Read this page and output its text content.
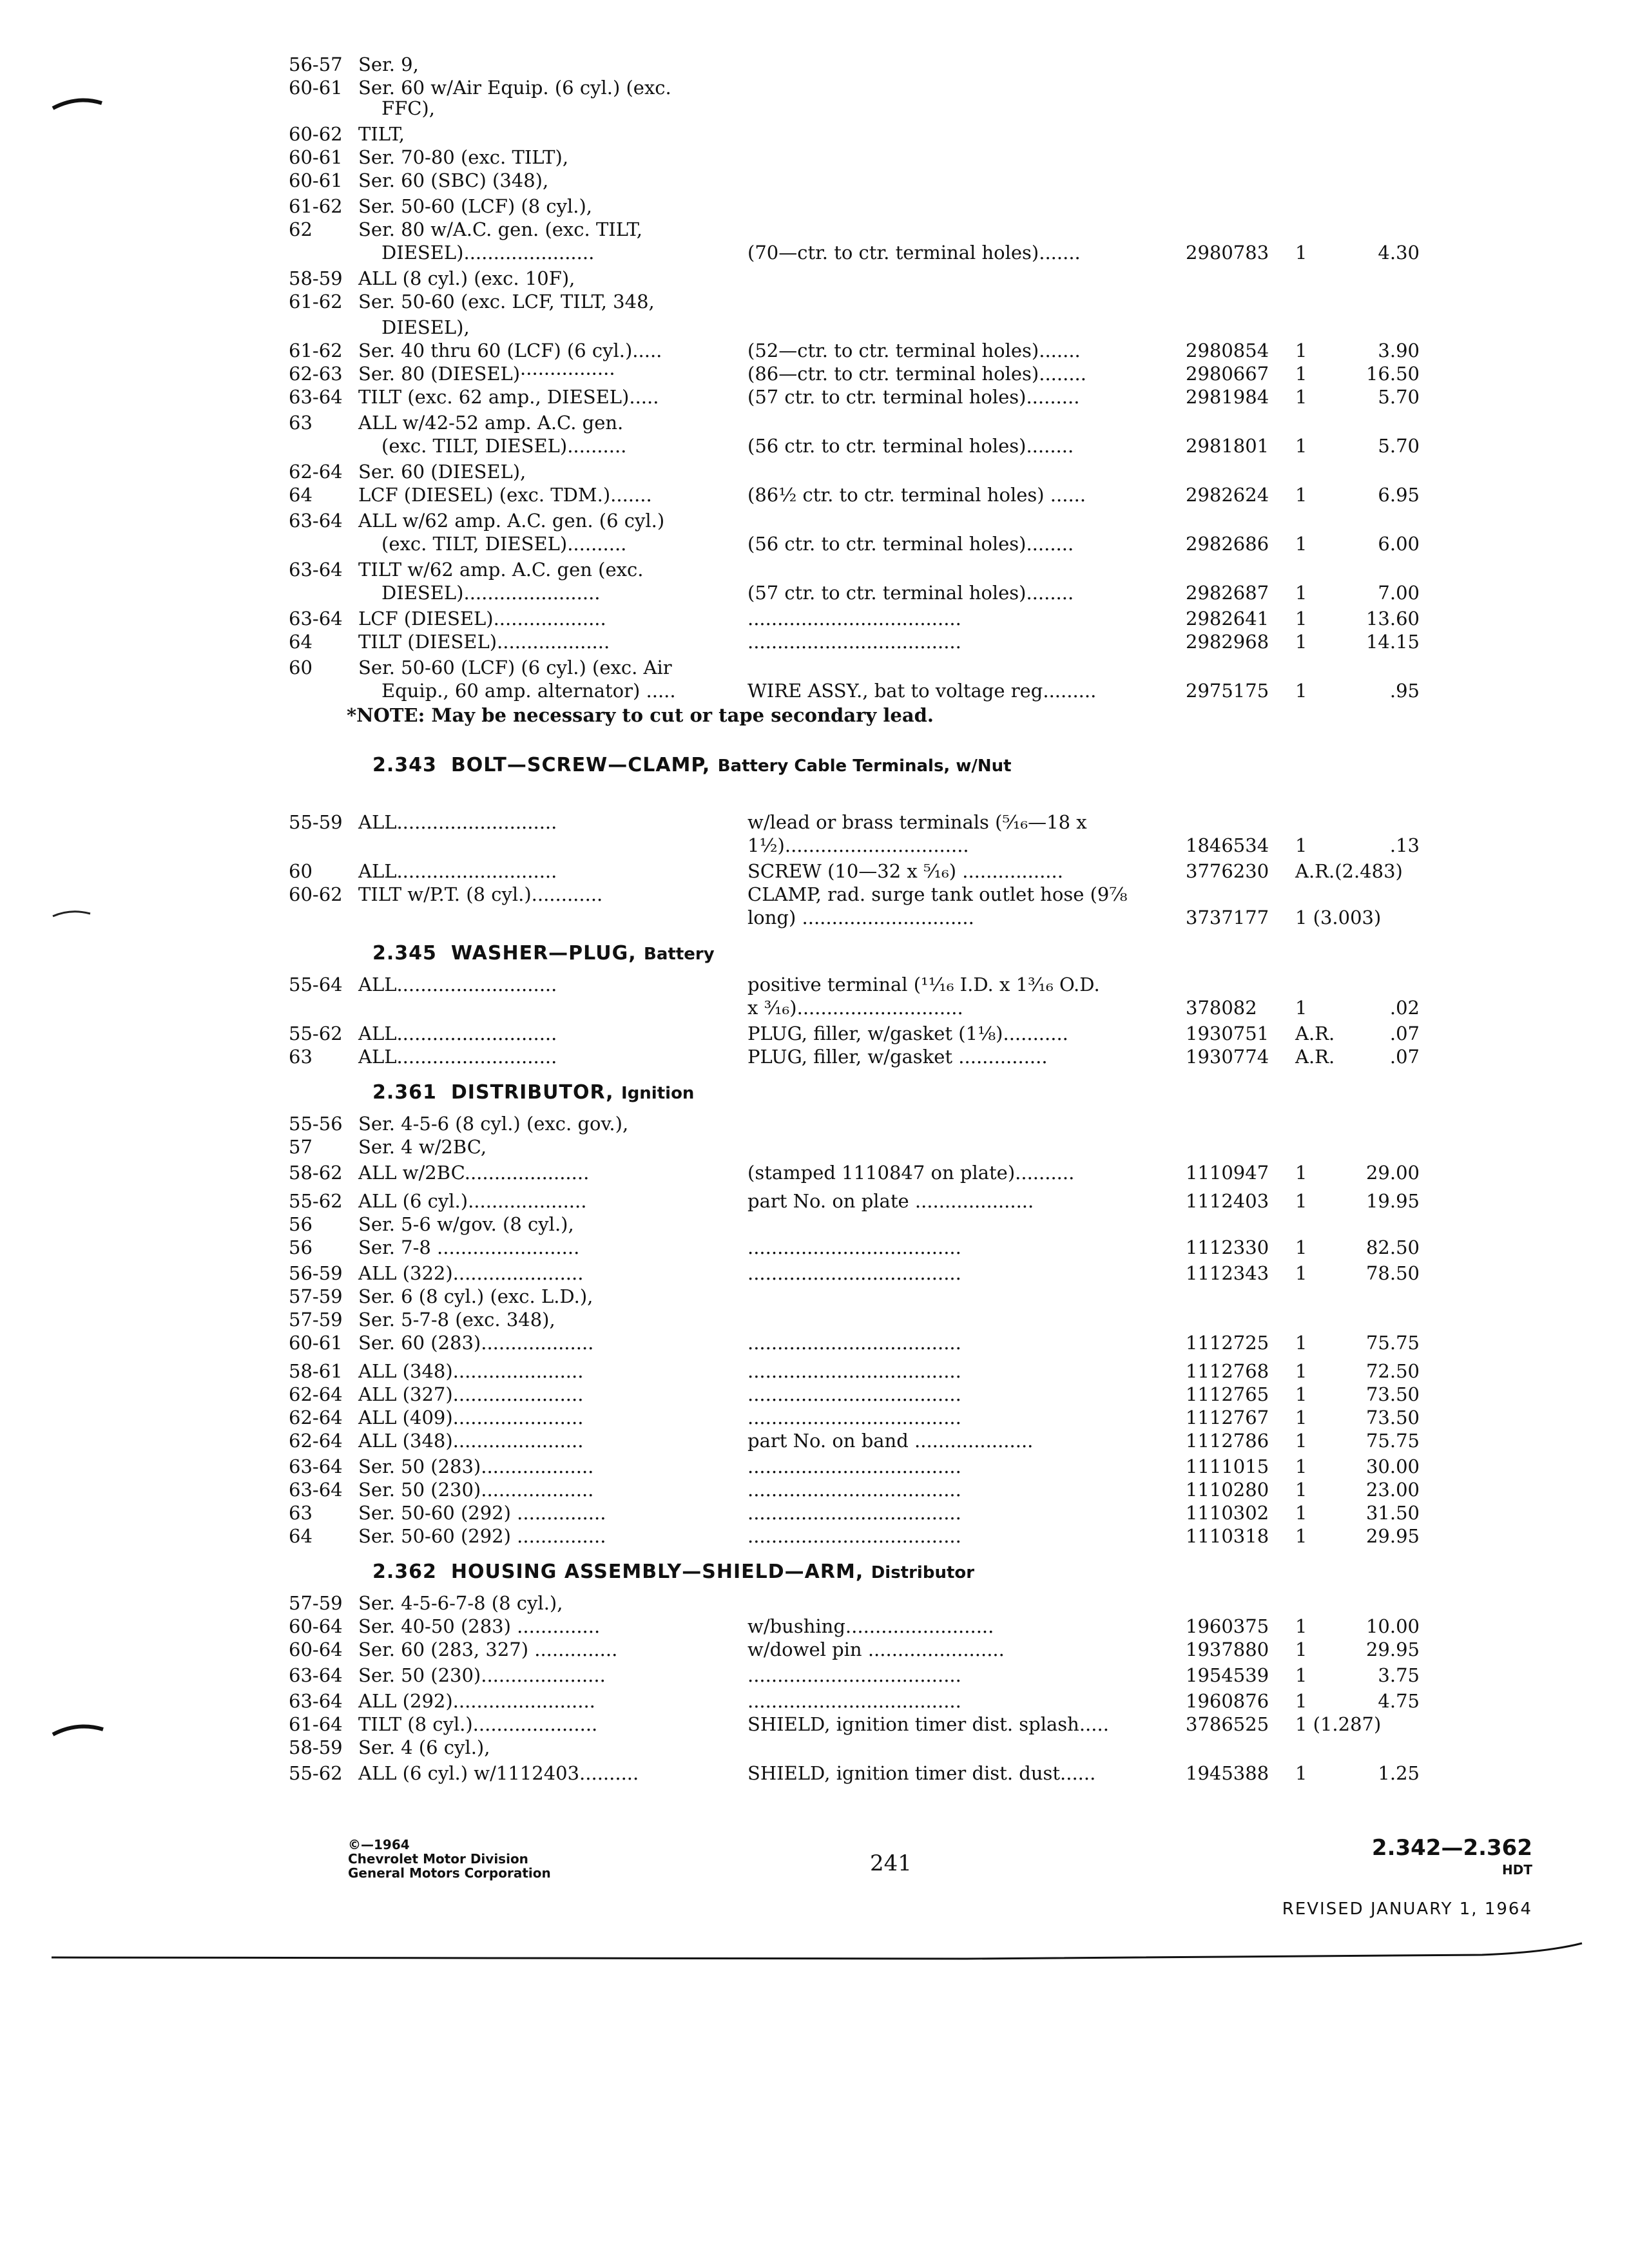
56-57 Ser. 9,
60-61 Ser. 60 w/Air Equip. (6 cyl.) (exc.
FFC),
60-62 TILT,
60-61 Ser. 70-80 (exc. TILT),
60-61 Ser. 60 (SBC) (348),
61-62 Ser. 50-60 (LCF) (8 cyl.),
62 Ser. 80 w/A.C. gen. (exc. TILT,
DIESEL)......................	(70—ctr. to ctr. terminal holes).......	2980783 1	4.30
58-59 ALL (8 cyl.) (exc. 10F),
61-62 Ser. 50-60 (exc. LCF, TILT, 348,
DIESEL),
61-62 Ser. 40 thru 60 (LCF) (6 cyl.).....	(52—ctr. to ctr. terminal holes).......	2980854 1	3.90
62-63 Ser. 80 (DIESEL)················	(86—ctr. to ctr. terminal holes)........	2980667 1	16.50
63-64 TILT (exc. 62 amp., DIESEL).....	(57 ctr. to ctr. terminal holes).........	2981984 1	5.70
63 ALL w/42-52 amp. A.C. gen.
(exc. TILT, DIESEL)..........	(56 ctr. to ctr. terminal holes)........	2981801 1	5.70
62-64 Ser. 60 (DIESEL),
64 LCF (DIESEL) (exc. TDM.).......	(86½ ctr. to ctr. terminal holes) ......	2982624 1	6.95
63-64 ALL w/62 amp. A.C. gen. (6 cyl.)
(exc. TILT, DIESEL)..........	(56 ctr. to ctr. terminal holes)........	2982686 1	6.00
63-64 TILT w/62 amp. A.C. gen (exc.
DIESEL).......................	(57 ctr. to ctr. terminal holes)........	2982687 1	7.00
63-64 LCF (DIESEL)...................	....................................	2982641 1	13.60
64 TILT (DIESEL)...................	....................................	2982968 1	14.15
60 Ser. 50-60 (LCF) (6 cyl.) (exc. Air
Equip., 60 amp. alternator) .....	WIRE ASSY., bat to voltage reg.........	2975175 1	.95
55-59 ALL...........................	w/lead or brass terminals (⁵⁄₁₆—18 x
1½)...............................	1846534 1	.13
60 ALL...........................	SCREW (10—32 x ⁵⁄₁₆) .................	3776230 A.R.(2.483)
60-62 TILT w/P.T. (8 cyl.)............	CLAMP, rad. surge tank outlet hose (9⅞
long) .............................	3737177 1 (3.003)
55-64 ALL...........................	positive terminal (¹¹⁄₁₆ I.D. x 1³⁄₁₆ O.D.
x ³⁄₁₆)............................	378082 1	.02
55-62 ALL...........................	PLUG, filler, w/gasket (1⅛)...........	1930751 A.R.	.07
63 ALL...........................	PLUG, filler, w/gasket ...............	1930774 A.R.	.07
55-56 Ser. 4-5-6 (8 cyl.) (exc. gov.),
57 Ser. 4 w/2BC,
58-62 ALL w/2BC.....................	(stamped 1110847 on plate)..........	1110947 1	29.00
55-62 ALL (6 cyl.)....................	part No. on plate ....................	1112403 1	19.95
56 Ser. 5-6 w/gov. (8 cyl.),
56 Ser. 7-8 ........................	....................................	1112330 1	82.50
56-59 ALL (322)......................	....................................	1112343 1	78.50
57-59 Ser. 6 (8 cyl.) (exc. L.D.),
57-59 Ser. 5-7-8 (exc. 348),
60-61 Ser. 60 (283)...................	....................................	1112725 1	75.75
58-61 ALL (348)......................	....................................	1112768 1	72.50
62-64 ALL (327)......................	....................................	1112765 1	73.50
62-64 ALL (409)......................	....................................	1112767 1	73.50
62-64 ALL (348)......................	part No. on band ....................	1112786 1	75.75
63-64 Ser. 50 (283)...................	....................................	1111015 1	30.00
63-64 Ser. 50 (230)...................	....................................	1110280 1	23.00
63 Ser. 50-60 (292) ...............	....................................	1110302 1	31.50
64 Ser. 50-60 (292) ...............	....................................	1110318 1	29.95
57-59 Ser. 4-5-6-7-8 (8 cyl.),
60-64 Ser. 40-50 (283) ..............	w/bushing.........................	1960375 1	10.00
60-64 Ser. 60 (283, 327) ..............	w/dowel pin .......................	1937880 1	29.95
63-64 Ser. 50 (230).....................	....................................	1954539 1	3.75
63-64 ALL (292)........................	....................................	1960876 1	4.75
61-64 TILT (8 cyl.).....................	SHIELD, ignition timer dist. splash.....	3786525 1 (1.287)
58-59 Ser. 4 (6 cyl.),
55-62 ALL (6 cyl.) w/1112403..........	SHIELD, ignition timer dist. dust......	1945388 1	1.25
*NOTE: May be necessary to cut or tape secondary lead.
2.343 BOLT—SCREW—CLAMP, Battery Cable Terminals, w/Nut
2.345 WASHER—PLUG, Battery
2.361 DISTRIBUTOR, Ignition
2.362 HOUSING ASSEMBLY—SHIELD—ARM, Distributor
©—1964
Chevrolet Motor Division
General Motors Corporation	241
2.342—2.362
HDT
REVISED JANUARY 1, 1964
